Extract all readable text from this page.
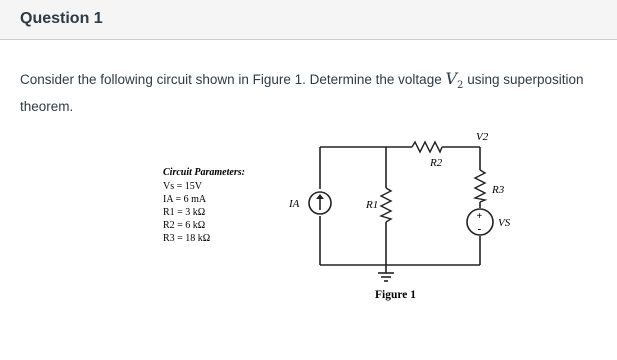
Question 1
Consider the following circuit shown in Figure 1. Determine the voltage $V_2$ using superposition theorem.
Circuit Parameters:
Vs = 15V
IA = 6 mA
R1 = 3 kΩ
R2 = 6 kΩ
R3 = 18 kΩ
IA	R1
R2
R3
V2
+
- VS
Figure 1
